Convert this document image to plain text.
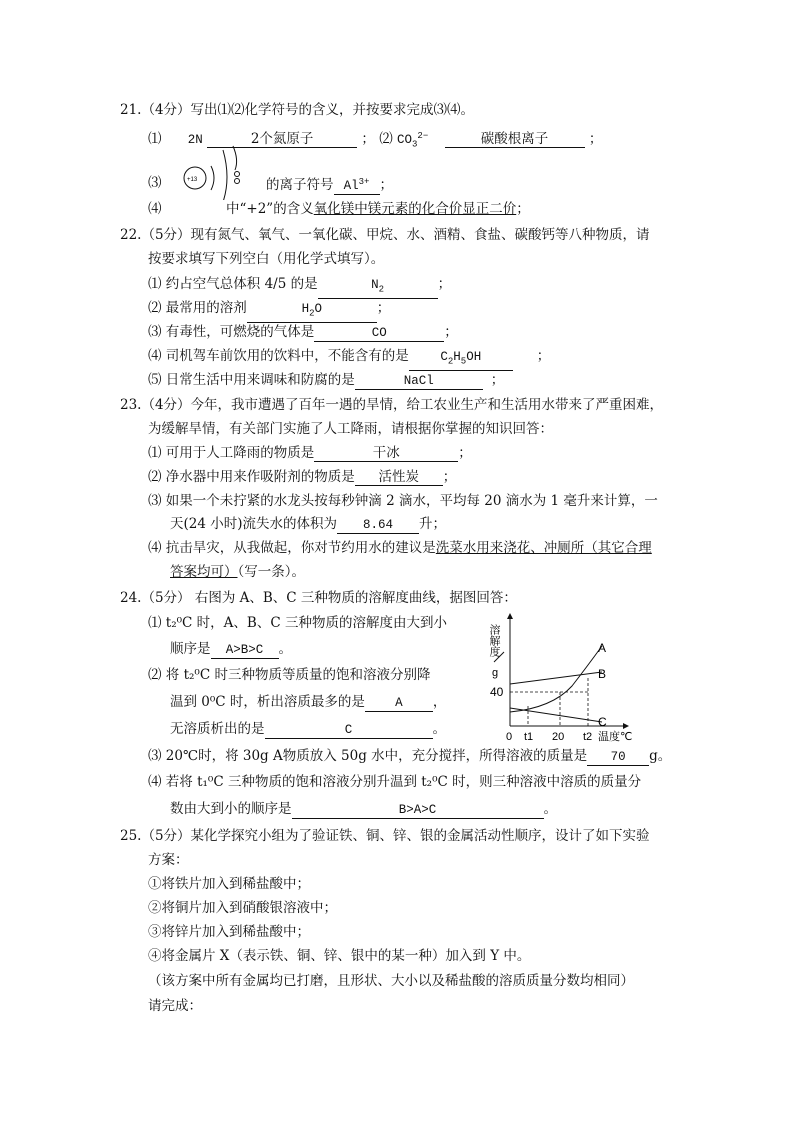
21.（4分）写出⑴⑵化学符号的含义，并按要求完成⑶⑷。
⑴ 2N	2个氮原子	； ⑵ $CO_3^{2-}$	碳酸根离子	；
+13
⑶	的离子符号 $Al^{3+}$ ；
⑷	中“+2”的含义氧化镁中镁元素的化合价显正二价；
22.（5分）现有氮气、氧气、一氧化碳、甲烷、水、酒精、食盐、碳酸钙等八种物质，请
按要求填写下列空白（用化学式填写）。
⑴ 约占空气总体积 4/5 的是	$N_2$	；
⑵ 最常用的溶剂	$H_2O$	；
⑶ 有毒性，可燃烧的气体是	CO	；
⑷ 司机驾车前饮用的饮料中，不能含有的是	$C_2H_5OH$	；
⑸ 日常生活中用来调味和防腐的是	NaCl	；
23.（4分）今年，我市遭遇了百年一遇的旱情，给工农业生产和生活用水带来了严重困难，
为缓解旱情，有关部门实施了人工降雨，请根据你掌握的知识回答：
⑴ 可用于人工降雨的物质是	干冰	；
⑵ 净水器中用来作吸附剂的物质是 活性炭 ；
⑶ 如果一个未拧紧的水龙头按每秒钟滴 2 滴水，平均每 20 滴水为 1 毫升来计算，一
天(24 小时)流失水的体积为 8.64 升；
⑷ 抗击旱灾，从我做起，你对节约用水的建议是洗菜水用来浇花、冲厕所（其它合理
答案均可）（写一条）。
24.（5分） 右图为 A、B、C 三种物质的溶解度曲线，据图回答：
⑴ t₂⁰C 时，A、B、C 三种物质的溶解度由大到小
顺序是 A>B>C 。
⑵ 将 t₂⁰C 时三种物质等质量的饱和溶液分别降
温到 0⁰C 时，析出溶质最多的是 A ，
无溶质析出的是	C	。
⑶ 20℃时，将 30g A物质放入 50g 水中，充分搅拌，所得溶液的质量是 70 g。
⑷ 若将 t₁⁰C 三种物质的饱和溶液分别升温到 t₂⁰C 时，则三种溶液中溶质的质量分
数由大到小的顺序是	B>A>C	。
溶解度
g
40
A
B
C
0 t1 20 t2 温度℃
25.（5分）某化学探究小组为了验证铁、铜、锌、银的金属活动性顺序，设计了如下实验
方案：
①将铁片加入到稀盐酸中；
②将铜片加入到硝酸银溶液中；
③将锌片加入到稀盐酸中；
④将金属片 X（表示铁、铜、锌、银中的某一种）加入到 Y 中。
（该方案中所有金属均已打磨，且形状、大小以及稀盐酸的溶质质量分数均相同）
请完成：
